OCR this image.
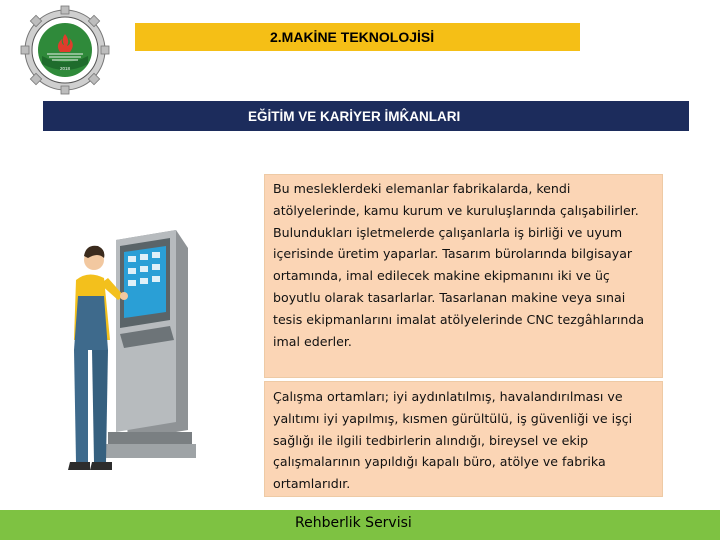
2018
2.MAKİNE TEKNOLOJİSİ
EĞİTİM VE KARİYER İMK̂ANLARI
Bu mesleklerdeki elemanlar fabrikalarda, kendi atölyelerinde, kamu kurum ve kuruluşlarında çalışabilirler. Bulundukları işletmelerde çalışanlarla iş birliği ve uyum içerisinde üretim yaparlar. Tasarım bürolarında bilgisayar ortamında, imal edilecek makine ekipmanını iki ve üç boyutlu olarak tasarlarlar. Tasarlanan makine veya sınai tesis ekipmanlarını imalat atölyelerinde CNC tezgâhlarında imal ederler.
Çalışma ortamları; iyi aydınlatılmış, havalandırılması ve yalıtımı iyi yapılmış, kısmen gürültülü, iş güvenliği ve işçi sağlığı ile ilgili tedbirlerin alındığı, bireysel ve ekip çalışmalarının yapıldığı kapalı büro, atölye ve fabrika ortamlarıdır.
Rehberlik Servisi
